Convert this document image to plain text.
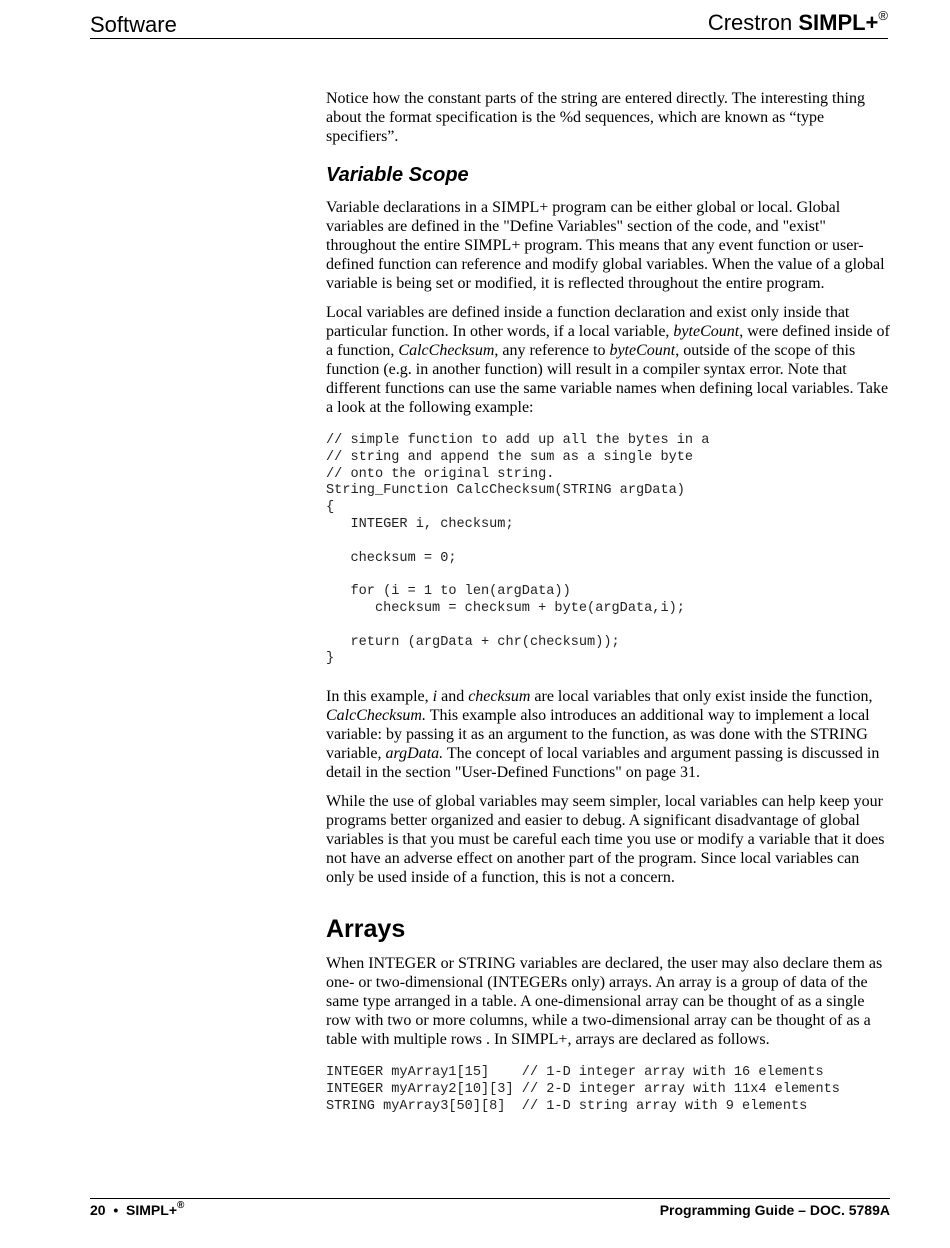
Software	Crestron SIMPL+®

Notice how the constant parts of the string are entered directly. The interesting thing about the format specification is the %d sequences, which are known as “type specifiers”.

Variable Scope

Variable declarations in a SIMPL+ program can be either global or local. Global variables are defined in the "Define Variables" section of the code, and "exist" throughout the entire SIMPL+ program. This means that any event function or user-defined function can reference and modify global variables. When the value of a global variable is being set or modified, it is reflected throughout the entire program.

Local variables are defined inside a function declaration and exist only inside that particular function. In other words, if a local variable, byteCount, were defined inside of a function, CalcChecksum, any reference to byteCount, outside of the scope of this function (e.g. in another function) will result in a compiler syntax error. Note that different functions can use the same variable names when defining local variables. Take a look at the following example:

// simple function to add up all the bytes in a
// string and append the sum as a single byte
// onto the original string.
String_Function CalcChecksum(STRING argData)
{
INTEGER i, checksum;

checksum = 0;

for (i = 1 to len(argData))
checksum = checksum + byte(argData,i);

return (argData + chr(checksum));
}

In this example, i and checksum are local variables that only exist inside the function, CalcChecksum. This example also introduces an additional way to implement a local variable: by passing it as an argument to the function, as was done with the STRING variable, argData. The concept of local variables and argument passing is discussed in detail in the section "User-Defined Functions" on page 31.

While the use of global variables may seem simpler, local variables can help keep your programs better organized and easier to debug. A significant disadvantage of global variables is that you must be careful each time you use or modify a variable that it does not have an adverse effect on another part of the program. Since local variables can only be used inside of a function, this is not a concern.

Arrays

When INTEGER or STRING variables are declared, the user may also declare them as one- or two-dimensional (INTEGERs only) arrays. An array is a group of data of the same type arranged in a table. A one-dimensional array can be thought of as a single row with two or more columns, while a two-dimensional array can be thought of as a table with multiple rows . In SIMPL+, arrays are declared as follows.

INTEGER myArray1[15]    // 1-D integer array with 16 elements
INTEGER myArray2[10][3] // 2-D integer array with 11x4 elements
STRING myArray3[50][8]  // 1-D string array with 9 elements
20 • SIMPL+®	Programming Guide – DOC. 5789A
